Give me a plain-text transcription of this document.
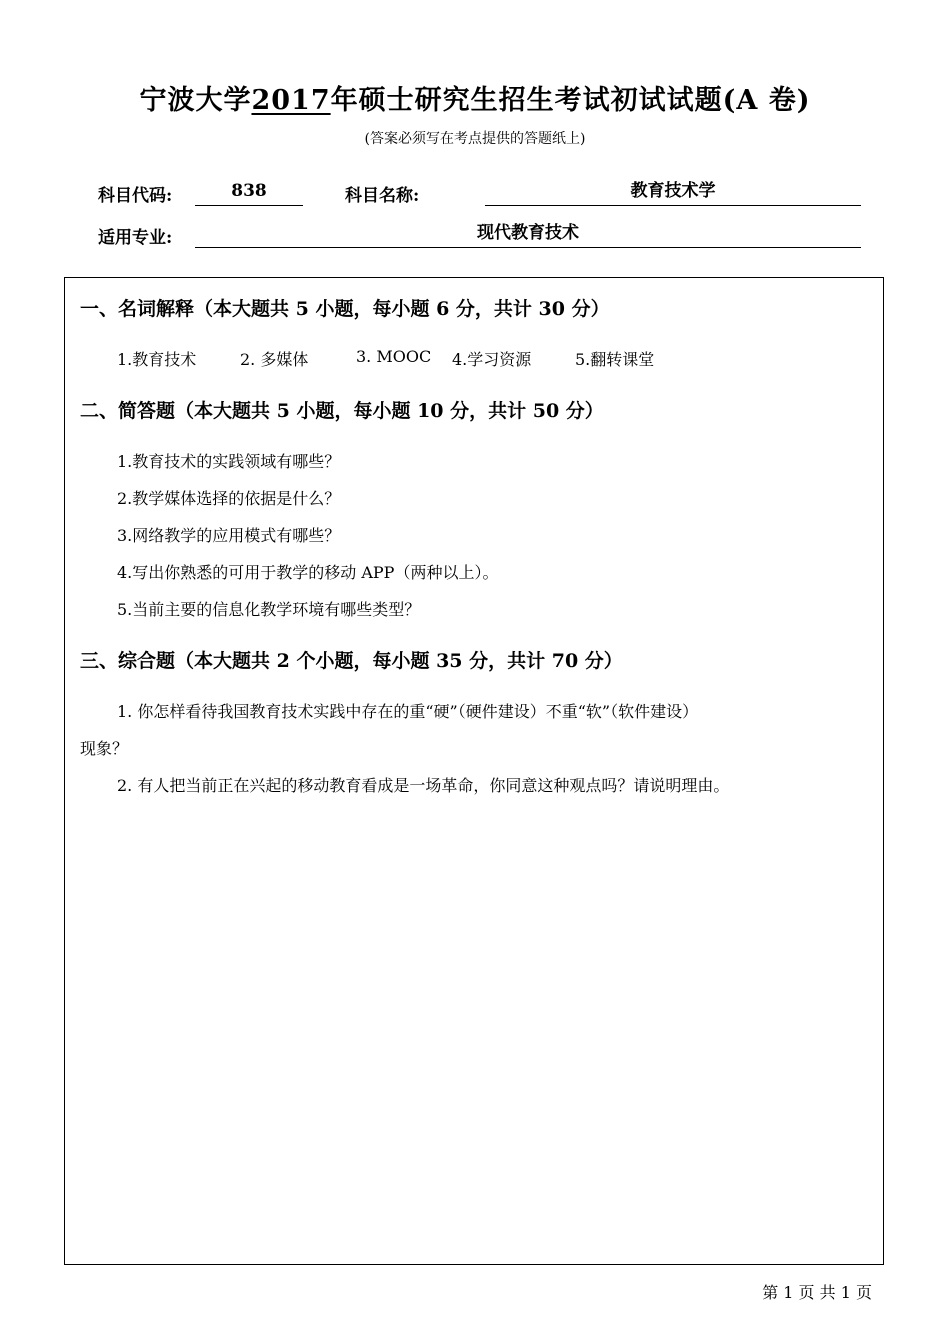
宁波大学2017年硕士研究生招生考试初试试题(A 卷)
(答案必须写在考点提供的答题纸上)
科目代码:	838	科目名称:	教育技术学
适用专业:	现代教育技术
一、名词解释（本大题共 5 小题，每小题 6 分，共计 30 分）
1.教育技术	2. 多媒体	3. MOOC 4.学习资源	5.翻转课堂
二、简答题（本大题共 5 小题，每小题 10 分，共计 50 分）
1.教育技术的实践领域有哪些？
2.教学媒体选择的依据是什么？
3.网络教学的应用模式有哪些？
4.写出你熟悉的可用于教学的移动 APP（两种以上）。
5.当前主要的信息化教学环境有哪些类型？
三、综合题（本大题共 2 个小题，每小题 35 分，共计 70 分）
1. 你怎样看待我国教育技术实践中存在的重“硬”（硬件建设）不重“软”（软件建设）
现象？
2. 有人把当前正在兴起的移动教育看成是一场革命，你同意这种观点吗？请说明理由。
第 1 页 共 1 页
